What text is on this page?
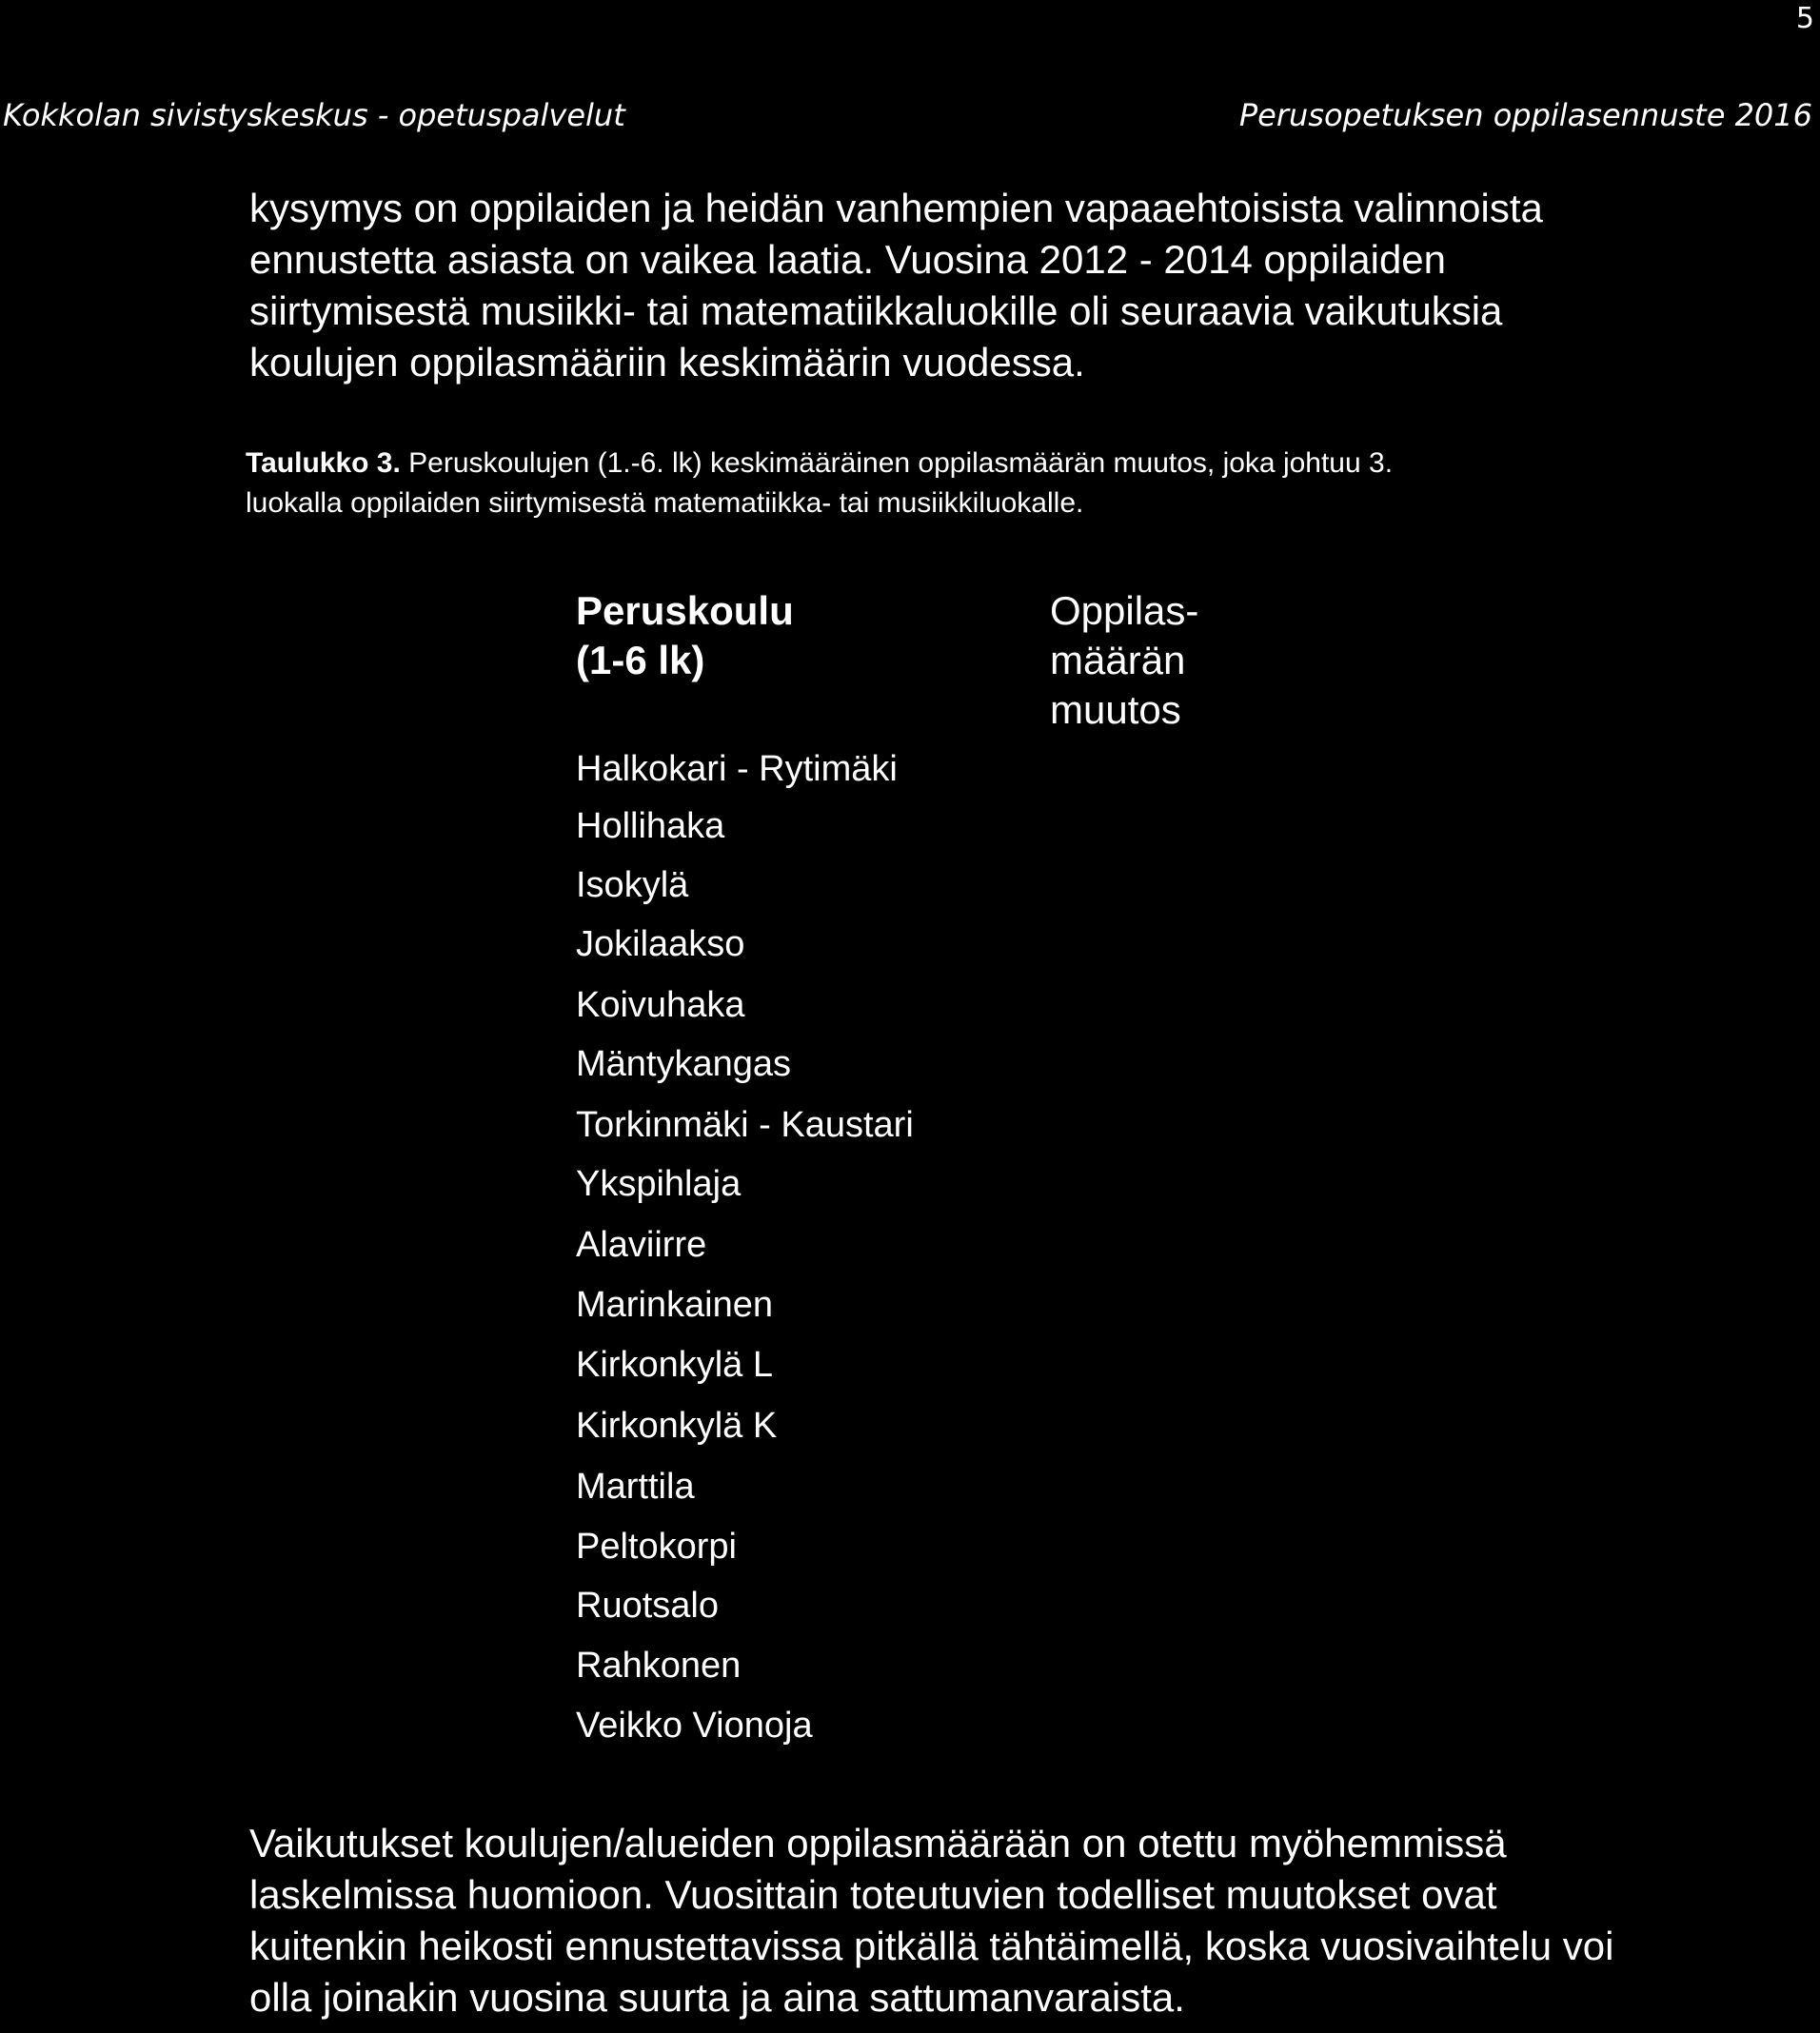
5
Kokkolan sivistyskeskus - opetuspalvelut	Perusopetuksen oppilasennuste 2016
kysymys on oppilaiden ja heidän vanhempien vapaaehtoisista valinnoista
ennustetta asiasta on vaikea laatia. Vuosina 2012 - 2014 oppilaiden
siirtymisestä musiikki- tai matematiikkaluokille oli seuraavia vaikutuksia
koulujen oppilasmääriin keskimäärin vuodessa.
Taulukko 3. Peruskoulujen (1.-6. lk) keskimääräinen oppilasmäärän muutos, joka johtuu 3.
luokalla oppilaiden siirtymisestä matematiikka- tai musiikkiluokalle.
Peruskoulu
(1-6 lk)
Oppilas-
määrän
muutos
Halkokari - Rytimäki
Hollihaka
Isokylä
Jokilaakso
Koivuhaka
Mäntykangas
Torkinmäki - Kaustari
Ykspihlaja
Alaviirre
Marinkainen
Kirkonkylä L
Kirkonkylä K
Marttila
Peltokorpi
Ruotsalo
Rahkonen
Veikko Vionoja
Vaikutukset koulujen/alueiden oppilasmäärään on otettu myöhemmissä
laskelmissa huomioon. Vuosittain toteutuvien todelliset muutokset ovat
kuitenkin heikosti ennustettavissa pitkällä tähtäimellä, koska vuosivaihtelu voi
olla joinakin vuosina suurta ja aina sattumanvaraista.
